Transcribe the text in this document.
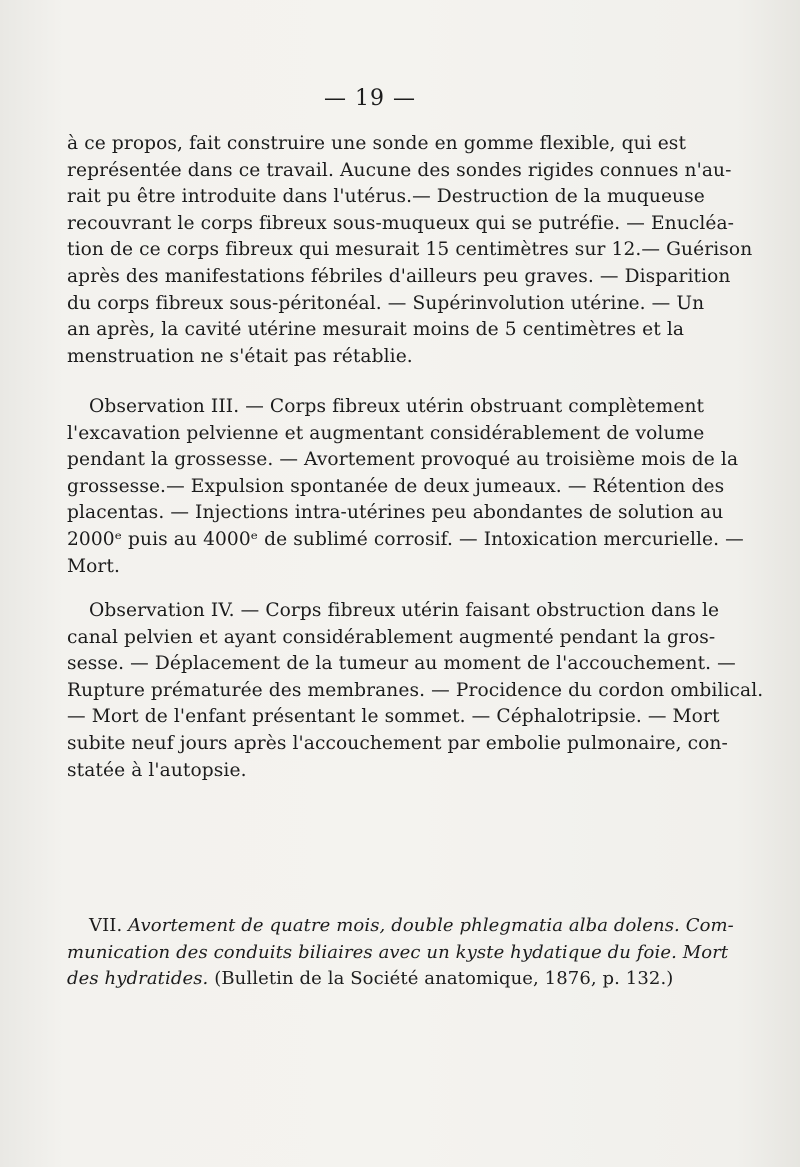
— 19 —
à ce propos, fait construire une sonde en gomme flexible, qui est
représentée dans ce travail. Aucune des sondes rigides connues n'au-
rait pu être introduite dans l'utérus.— Destruction de la muqueuse
recouvrant le corps fibreux sous-muqueux qui se putréfie. — Enucléa-
tion de ce corps fibreux qui mesurait 15 centimètres sur 12.— Guérison
après des manifestations fébriles d'ailleurs peu graves. — Disparition
du corps fibreux sous-péritonéal. — Supérinvolution utérine. — Un
an après, la cavité utérine mesurait moins de 5 centimètres et la
menstruation ne s'était pas rétablie.
Observation III. — Corps fibreux utérin obstruant complètement
l'excavation pelvienne et augmentant considérablement de volume
pendant la grossesse. — Avortement provoqué au troisième mois de la
grossesse.— Expulsion spontanée de deux jumeaux. — Rétention des
placentas. — Injections intra-utérines peu abondantes de solution au
2000ᵉ puis au 4000ᵉ de sublimé corrosif. — Intoxication mercurielle. —
Mort.
Observation IV. — Corps fibreux utérin faisant obstruction dans le
canal pelvien et ayant considérablement augmenté pendant la gros-
sesse. — Déplacement de la tumeur au moment de l'accouchement. —
Rupture prématurée des membranes. — Procidence du cordon ombilical.
— Mort de l'enfant présentant le sommet. — Céphalotripsie. — Mort
subite neuf jours après l'accouchement par embolie pulmonaire, con-
statée à l'autopsie.
VII. Avortement de quatre mois, double phlegmatia alba dolens. Com-
munication des conduits biliaires avec un kyste hydatique du foie. Mort
des hydratides. (Bulletin de la Société anatomique, 1876, p. 132.)
